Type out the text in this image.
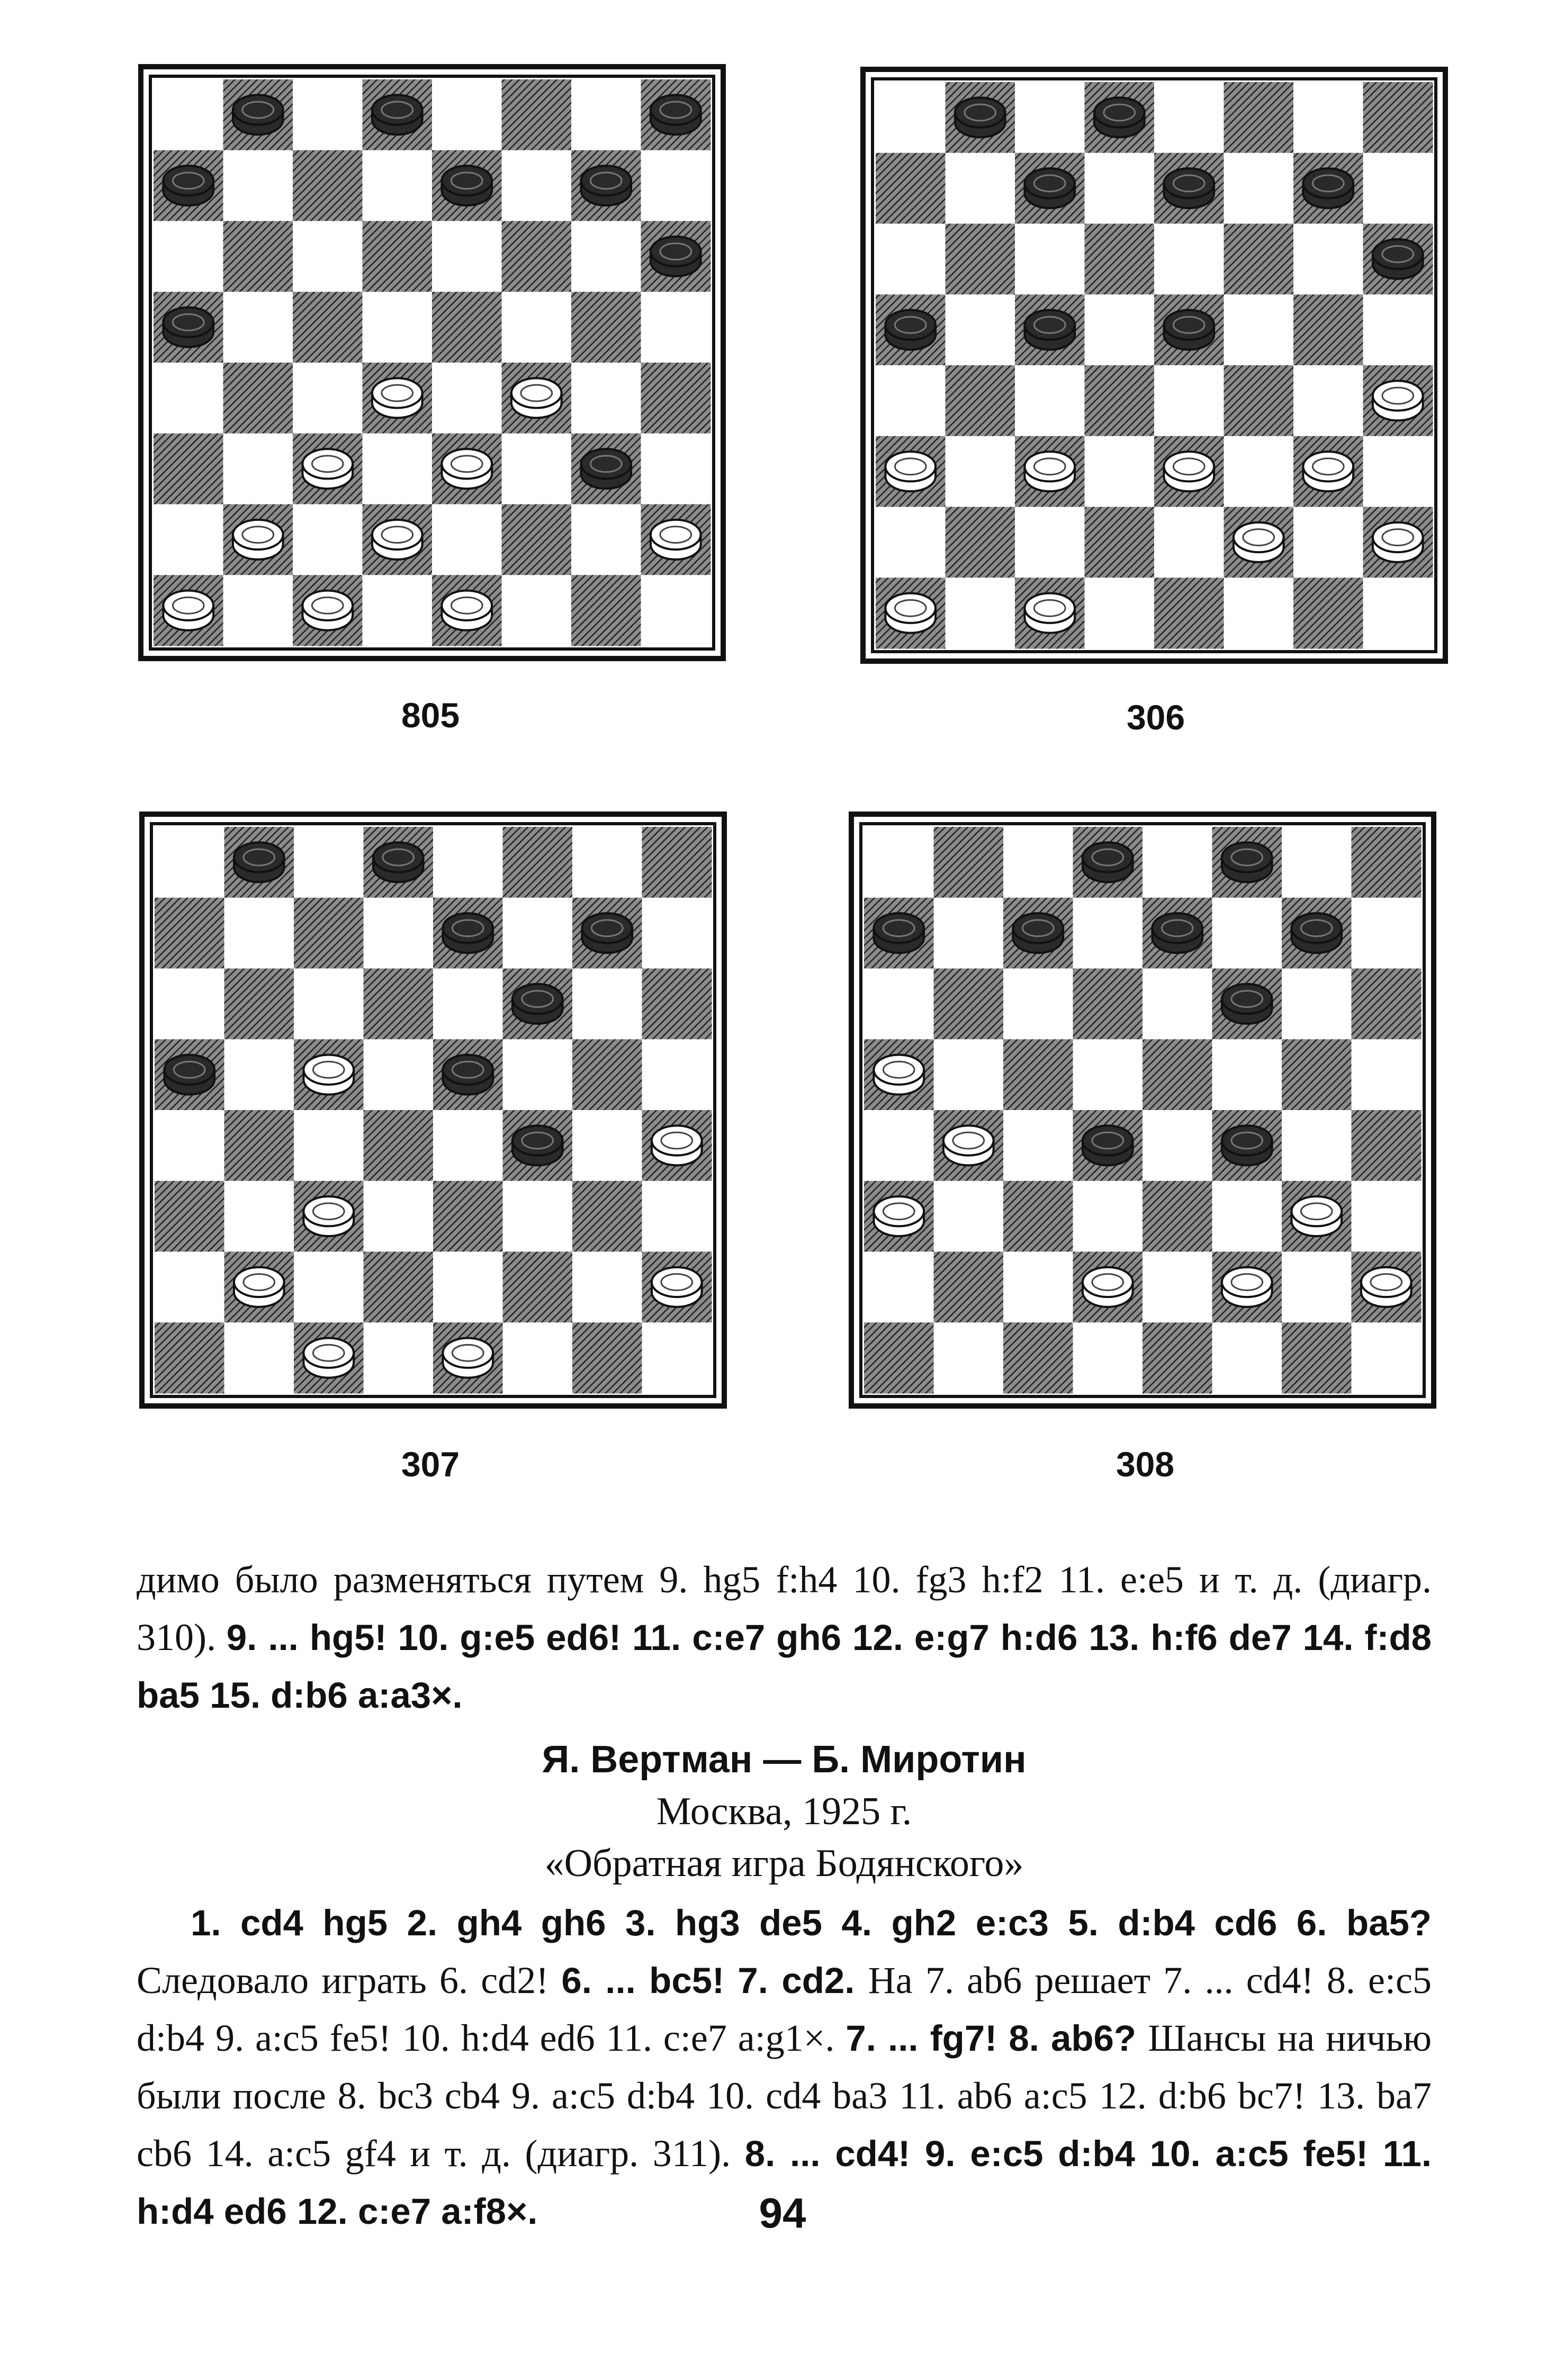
805	306
307	308
димо было разменяться путем 9. hg5 f:h4 10. fg3 h:f2 11. e:e5 и т. д. (диагр. 310). 9. ... hg5! 10. g:e5 ed6! 11. c:e7 gh6 12. e:g7 h:d6 13. h:f6 de7 14. f:d8 ba5 15. d:b6 a:a3×.
Я. Вертман — Б. Миротин
Москва, 1925 г.
«Обратная игра Бодянского»
1. cd4 hg5 2. gh4 gh6 3. hg3 de5 4. gh2 e:c3 5. d:b4 cd6 6. ba5? Следовало играть 6. cd2! 6. ... bc5! 7. cd2. На 7. ab6 решает 7. ... cd4! 8. e:c5 d:b4 9. a:c5 fe5! 10. h:d4 ed6 11. c:e7 a:g1×. 7. ... fg7! 8. ab6? Шансы на ничью были после 8. bc3 cb4 9. a:c5 d:b4 10. cd4 ba3 11. ab6 a:c5 12. d:b6 bc7! 13. ba7 cb6 14. a:c5 gf4 и т. д. (диагр. 311). 8. ... cd4! 9. e:c5 d:b4 10. a:c5 fe5! 11. h:d4 ed6 12. c:e7 a:f8×.	94
